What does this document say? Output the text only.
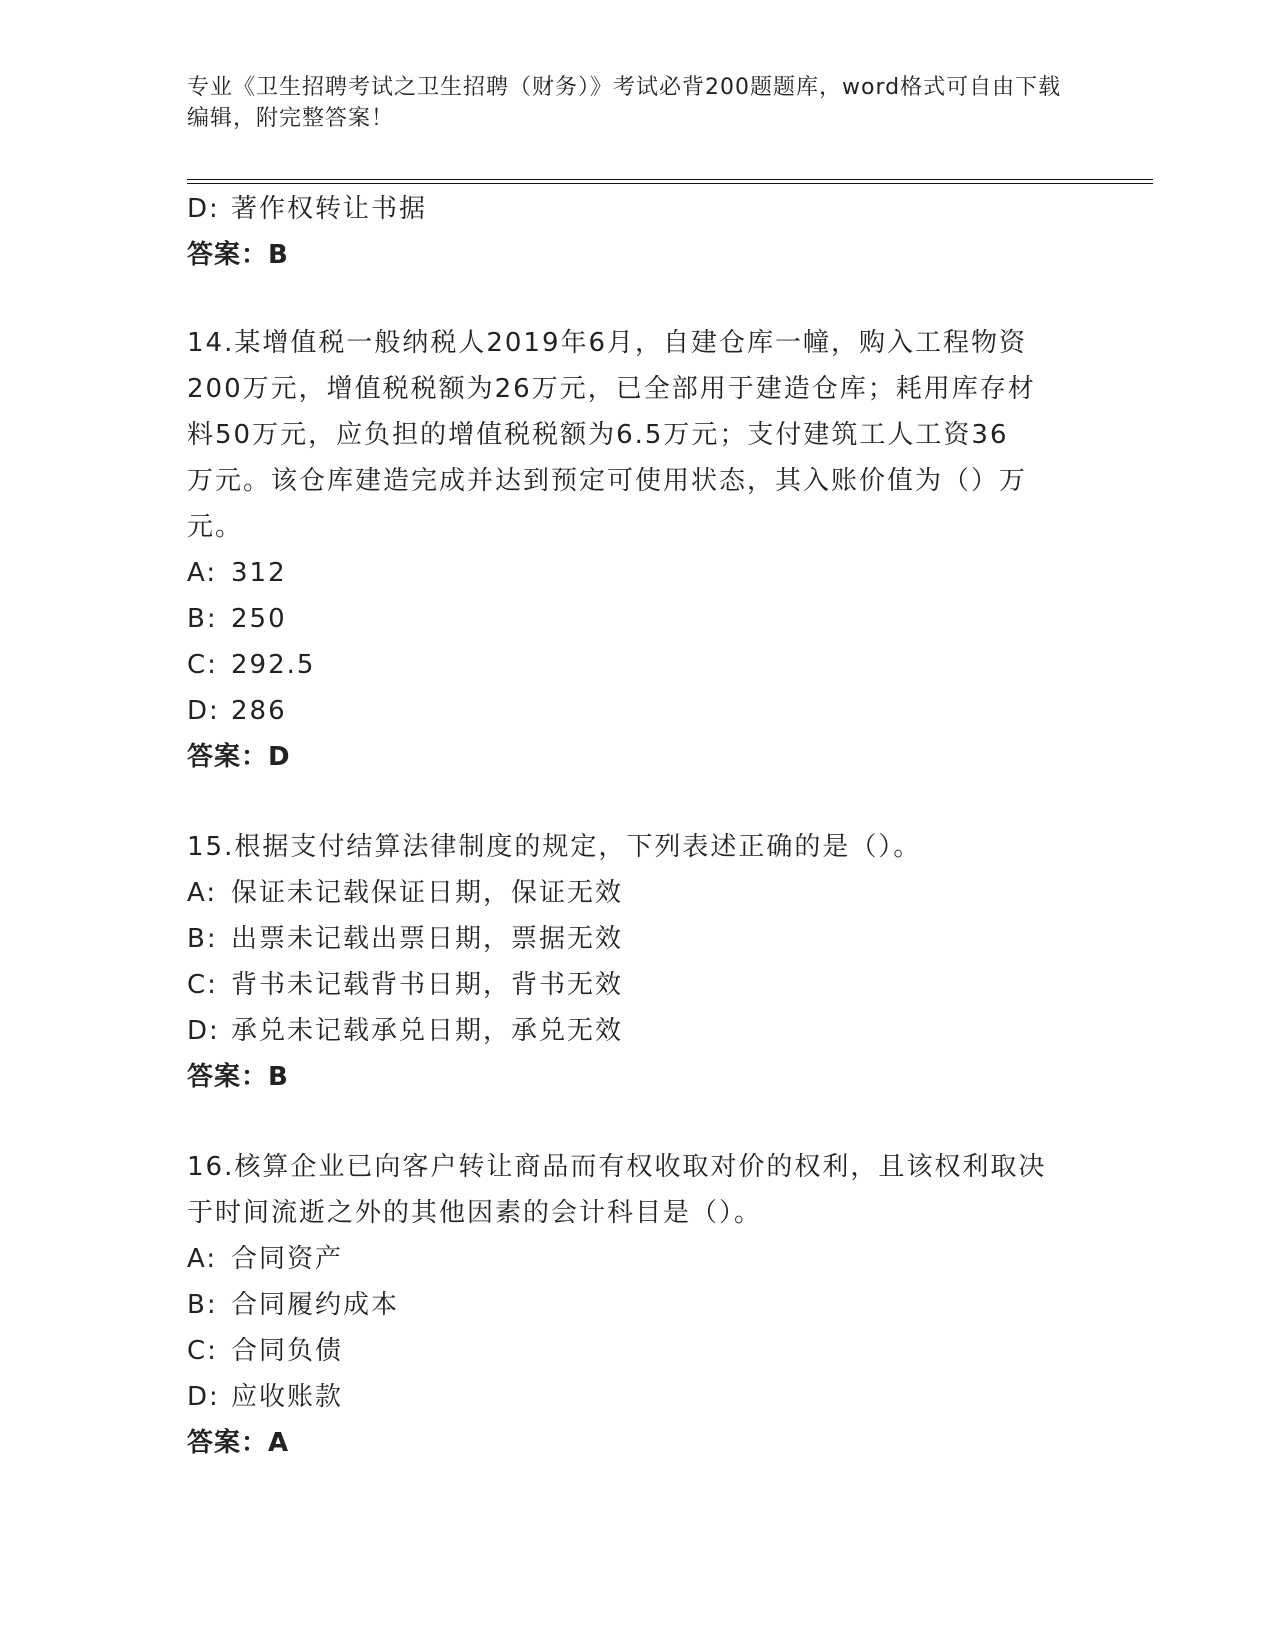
专业《卫生招聘考试之卫生招聘（财务）》考试必背200题题库，word格式可自由下载编辑，附完整答案！
D: 著作权转让书据
答案：B
14.某增值税一般纳税人2019年6月，自建仓库一幢，购入工程物资
200万元，增值税税额为26万元，已全部用于建造仓库；耗用库存材
料50万元，应负担的增值税税额为6.5万元；支付建筑工人工资36
万元。该仓库建造完成并达到预定可使用状态，其入账价值为（）万
元。
A: 312
B: 250
C: 292.5
D: 286
答案：D
15.根据支付结算法律制度的规定，下列表述正确的是（）。
A: 保证未记载保证日期，保证无效
B: 出票未记载出票日期，票据无效
C: 背书未记载背书日期，背书无效
D: 承兑未记载承兑日期，承兑无效
答案：B
16.核算企业已向客户转让商品而有权收取对价的权利，且该权利取决
于时间流逝之外的其他因素的会计科目是（）。
A: 合同资产
B: 合同履约成本
C: 合同负债
D: 应收账款
答案：A
